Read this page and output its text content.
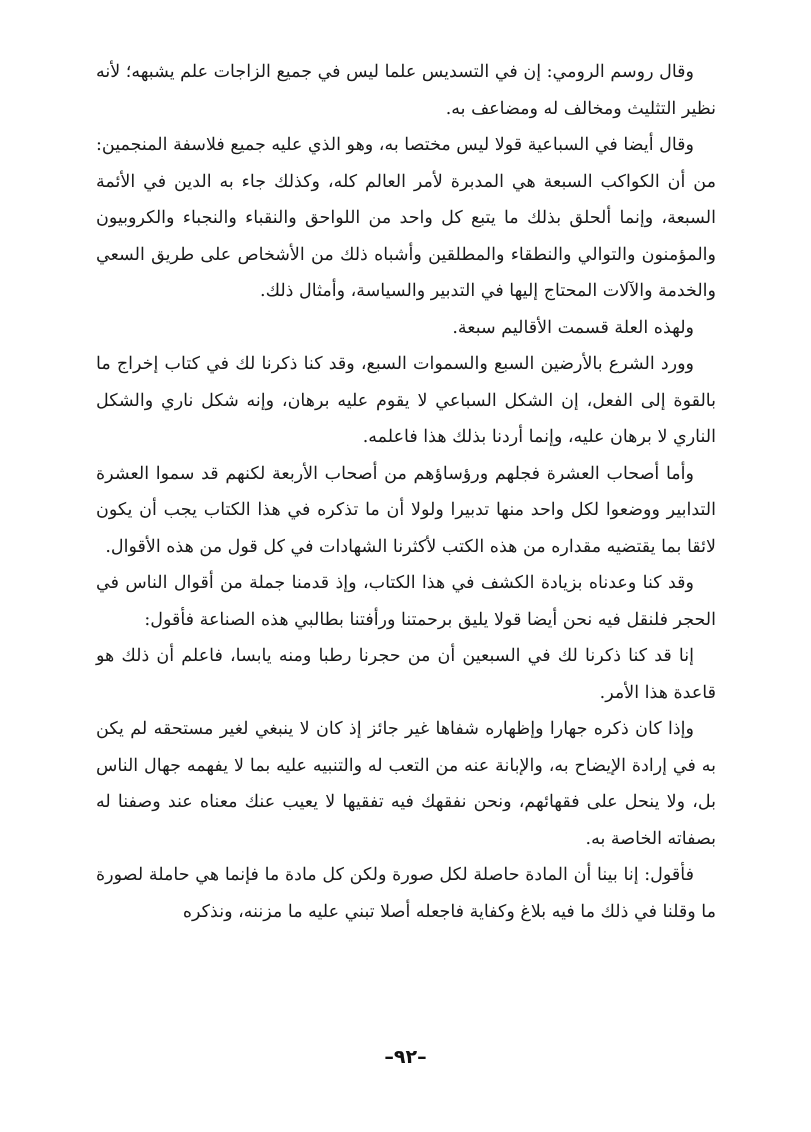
وقال روسم الرومي: إن في التسديس علما ليس في جميع الزاجات علم يشبهه؛ لأنه نظير التثليث ومخالف له ومضاعف به.

وقال أيضا في السباعية قولا ليس مختصا به، وهو الذي عليه جميع فلاسفة المنجمين: من أن الكواكب السبعة هي المدبرة لأمر العالم كله، وكذلك جاء به الدين في الأئمة السبعة، وإنما ألحلق بذلك ما يتبع كل واحد من اللواحق والنقباء والنجباء والكروبيون والمؤمنون والتوالي والنطقاء والمطلقين وأشباه ذلك من الأشخاص على طريق السعي والخدمة والآلات المحتاج إليها في التدبير والسياسة، وأمثال ذلك.

ولهذه العلة قسمت الأقاليم سبعة.

وورد الشرع بالأرضين السبع والسموات السبع، وقد كنا ذكرنا لك في كتاب إخراج ما بالقوة إلى الفعل، إن الشكل السباعي لا يقوم عليه برهان، وإنه شكل ناري والشكل الناري لا برهان عليه، وإنما أردنا بذلك هذا فاعلمه.

وأما أصحاب العشرة فجلهم ورؤساؤهم من أصحاب الأربعة لكنهم قد سموا العشرة التدابير ووضعوا لكل واحد منها تدبيرا ولولا أن ما تذكره في هذا الكتاب يجب أن يكون لائقا بما يقتضيه مقداره من هذه الكتب لأكثرنا الشهادات في كل قول من هذه الأقوال.

وقد كنا وعدناه بزيادة الكشف في هذا الكتاب، وإذ قدمنا جملة من أقوال الناس في الحجر فلنقل فيه نحن أيضا قولا يليق برحمتنا ورأفتنا بطالبي هذه الصناعة فأقول:

إنا قد كنا ذكرنا لك في السبعين أن من حجرنا رطبا ومنه يابسا، فاعلم أن ذلك هو قاعدة هذا الأمر.

وإذا كان ذكره جهارا وإظهاره شفاها غير جائز إذ كان لا ينبغي لغير مستحقه لم يكن به في إرادة الإيضاح به، والإبانة عنه من التعب له والتنبيه عليه بما لا يفهمه جهال الناس بل، ولا ينحل على فقهائهم، ونحن نفقهك فيه تفقيها لا يعيب عنك معناه عند وصفنا له بصفاته الخاصة به.

فأقول: إنا بينا أن المادة حاصلة لكل صورة ولكن كل مادة ما فإنما هي حاملة لصورة ما وقلنا في ذلك ما فيه بلاغ وكفاية فاجعله أصلا تبني عليه ما مزننه، ونذكره

–٩٢–
